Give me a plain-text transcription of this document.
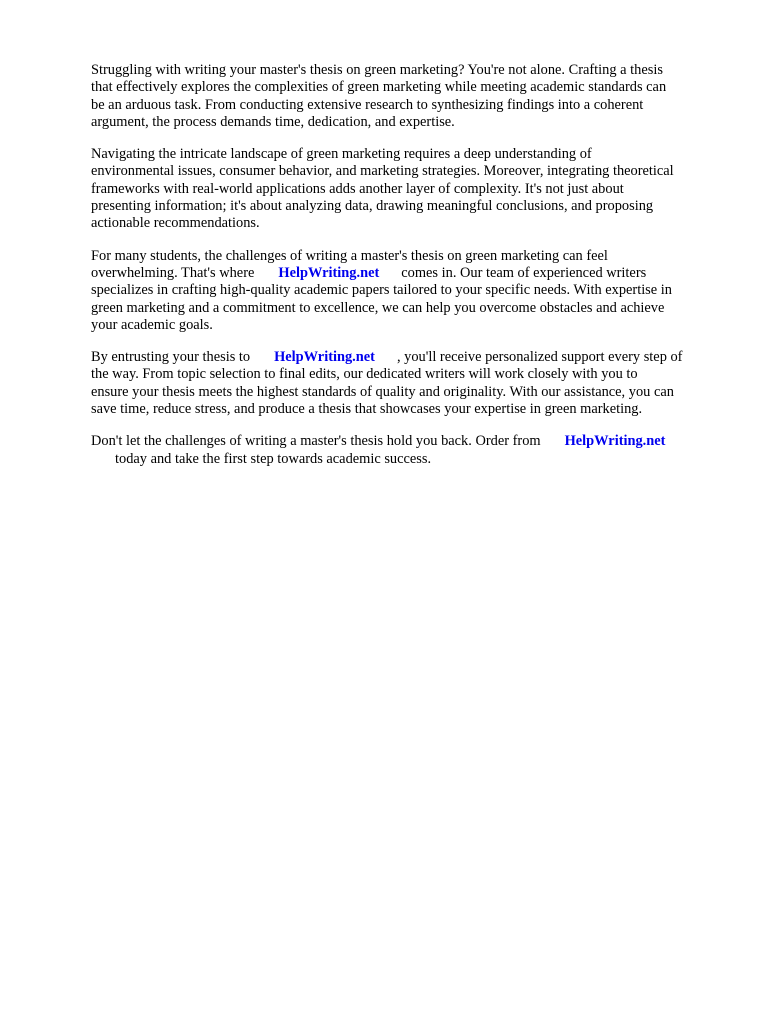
Struggling with writing your master's thesis on green marketing? You're not alone. Crafting a thesis
that effectively explores the complexities of green marketing while meeting academic standards can
be an arduous task. From conducting extensive research to synthesizing findings into a coherent
argument, the process demands time, dedication, and expertise.

Navigating the intricate landscape of green marketing requires a deep understanding of
environmental issues, consumer behavior, and marketing strategies. Moreover, integrating theoretical
frameworks with real-world applications adds another layer of complexity. It's not just about
presenting information; it's about analyzing data, drawing meaningful conclusions, and proposing
actionable recommendations.

For many students, the challenges of writing a master's thesis on green marketing can feel
overwhelming. That's where HelpWriting.net comes in. Our team of experienced writers
specializes in crafting high-quality academic papers tailored to your specific needs. With expertise in
green marketing and a commitment to excellence, we can help you overcome obstacles and achieve
your academic goals.

By entrusting your thesis to HelpWriting.net , you'll receive personalized support every step of
the way. From topic selection to final edits, our dedicated writers will work closely with you to
ensure your thesis meets the highest standards of quality and originality. With our assistance, you can
save time, reduce stress, and produce a thesis that showcases your expertise in green marketing.

Don't let the challenges of writing a master's thesis hold you back. Order from HelpWriting.net
today and take the first step towards academic success.
